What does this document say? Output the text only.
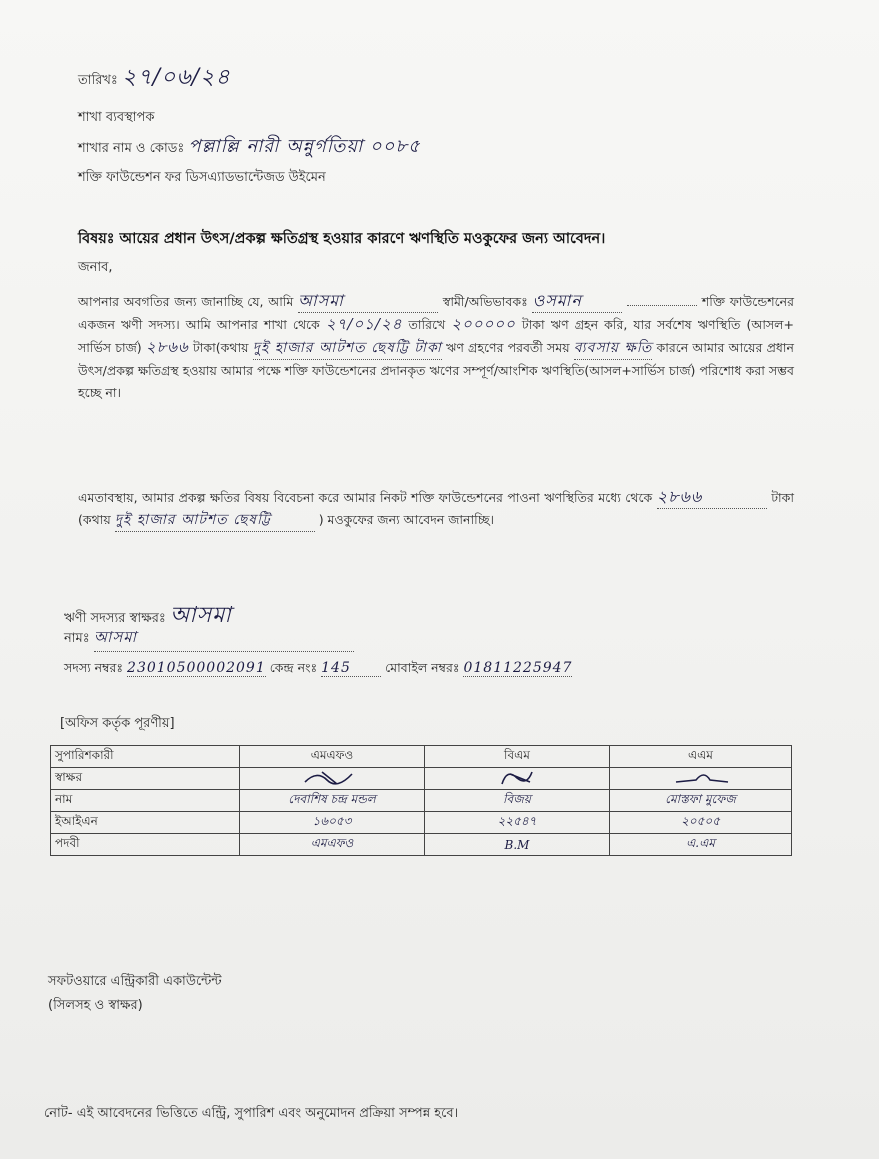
তারিখঃ ২৭/০৬/২৪
শাখা ব্যবস্থাপক
শাখার নাম ও কোডঃ পল্লাল্লি নারী অন্নুর্গতিয়া ০০৮৫
শক্তি ফাউন্ডেশন ফর ডিসএ্যাডভান্টেজড উইমেন
বিষয়ঃ আয়ের প্রধান উৎস/প্রকল্প ক্ষতিগ্রস্থ হওয়ার কারণে ঋণস্থিতি মওকুফের জন্য আবেদন।
জনাব,
আপনার অবগতির জন্য জানাচ্ছি যে, আমি আসমা	স্বামী/অভিভাবকঃ ওসমান	শক্তি ফাউন্ডেশনের একজন ঋণী সদস্য। আমি আপনার শাখা থেকে ২৭/০১/২৪ তারিখে ২০০০০০ টাকা ঋণ গ্রহন করি, যার সর্বশেষ ঋণস্থিতি (আসল+ সার্ভিস চার্জ) ২৮৬৬ টাকা(কথায় দুই হাজার আটশত ছেষট্টি টাকা ঋণ গ্রহণের পরবর্তী সময় ব্যবসায় ক্ষতি কারনে আমার আয়ের প্রধান উৎস/প্রকল্প ক্ষতিগ্রস্থ হওয়ায় আমার পক্ষে শক্তি ফাউন্ডেশনের প্রদানকৃত ঋণের সম্পূর্ণ/আংশিক ঋণস্থিতি(আসল+সার্ভিস চার্জ) পরিশোধ করা সম্ভব হচ্ছে না।
এমতাবস্থায়, আমার প্রকল্প ক্ষতির বিষয় বিবেচনা করে আমার নিকট শক্তি ফাউন্ডেশনের পাওনা ঋণস্থিতির মধ্যে থেকে ২৮৬৬	টাকা (কথায় দুই হাজার আটশত ছেষট্টি	) মওকুফের জন্য আবেদন জানাচ্ছি।
ঋণী সদস্যর স্বাক্ষরঃ আসমা
নামঃ আসমা
সদস্য নম্বরঃ 23010500002091 কেন্দ্র নংঃ 145	মোবাইল নম্বরঃ 01811225947
[অফিস কর্তৃক পূরণীয়]
সুপারিশকারী	এমএফও	বিএম	এএম
স্বাক্ষর			
নাম	দেবাশিষ চন্দ্র মন্ডল	বিজয়	মোস্তফা মুফেজ
ইআইএন	১৬০৫৩	২২৫৪৭	২০৫০৫
পদবী	এমএফও	B.M	এ.এম
সফটওয়ারে এন্ট্রিকারী একাউন্টেন্ট
(সিলসহ ও স্বাক্ষর)
নোট- এই আবেদনের ভিত্তিতে এন্ট্রি, সুপারিশ এবং অনুমোদন প্রক্রিয়া সম্পন্ন হবে।
